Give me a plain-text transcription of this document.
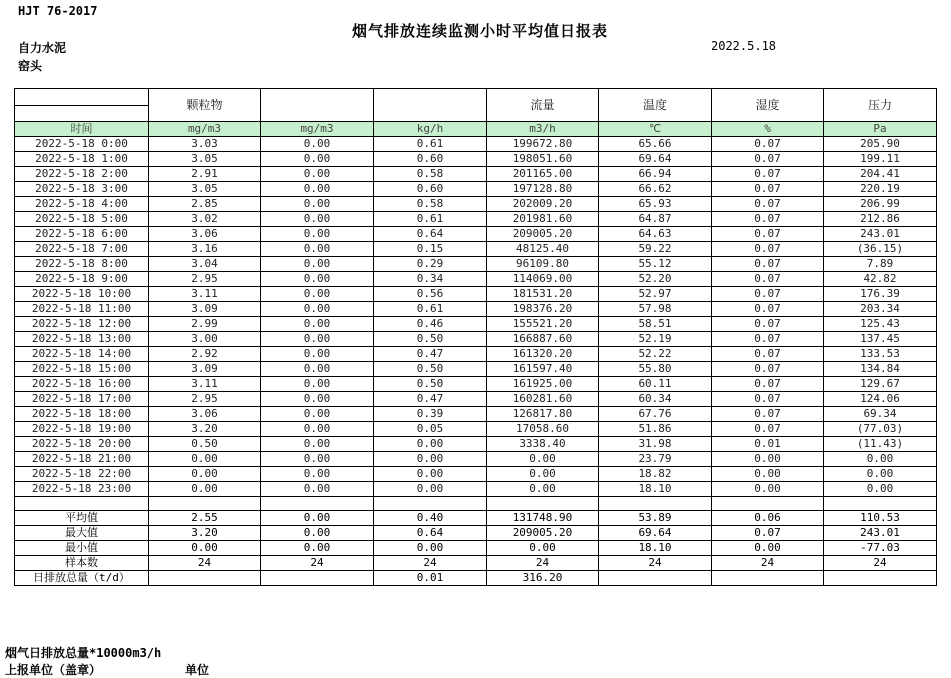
HJT 76-2017
烟气排放连续监测小时平均值日报表
2022.5.18
自力水泥
窑头
	颗粒物			流量	温度	湿度	压力

时间	mg/m3	mg/m3	kg/h	m3/h	℃	%	Pa
2022-5-18 0:00	3.03	0.00	0.61	199672.80	65.66	0.07	205.90
2022-5-18 1:00	3.05	0.00	0.60	198051.60	69.64	0.07	199.11
2022-5-18 2:00	2.91	0.00	0.58	201165.00	66.94	0.07	204.41
2022-5-18 3:00	3.05	0.00	0.60	197128.80	66.62	0.07	220.19
2022-5-18 4:00	2.85	0.00	0.58	202009.20	65.93	0.07	206.99
2022-5-18 5:00	3.02	0.00	0.61	201981.60	64.87	0.07	212.86
2022-5-18 6:00	3.06	0.00	0.64	209005.20	64.63	0.07	243.01
2022-5-18 7:00	3.16	0.00	0.15	48125.40	59.22	0.07	(36.15)
2022-5-18 8:00	3.04	0.00	0.29	96109.80	55.12	0.07	7.89
2022-5-18 9:00	2.95	0.00	0.34	114069.00	52.20	0.07	42.82
2022-5-18 10:00	3.11	0.00	0.56	181531.20	52.97	0.07	176.39
2022-5-18 11:00	3.09	0.00	0.61	198376.20	57.98	0.07	203.34
2022-5-18 12:00	2.99	0.00	0.46	155521.20	58.51	0.07	125.43
2022-5-18 13:00	3.00	0.00	0.50	166887.60	52.19	0.07	137.45
2022-5-18 14:00	2.92	0.00	0.47	161320.20	52.22	0.07	133.53
2022-5-18 15:00	3.09	0.00	0.50	161597.40	55.80	0.07	134.84
2022-5-18 16:00	3.11	0.00	0.50	161925.00	60.11	0.07	129.67
2022-5-18 17:00	2.95	0.00	0.47	160281.60	60.34	0.07	124.06
2022-5-18 18:00	3.06	0.00	0.39	126817.80	67.76	0.07	69.34
2022-5-18 19:00	3.20	0.00	0.05	17058.60	51.86	0.07	(77.03)
2022-5-18 20:00	0.50	0.00	0.00	3338.40	31.98	0.01	(11.43)
2022-5-18 21:00	0.00	0.00	0.00	0.00	23.79	0.00	0.00
2022-5-18 22:00	0.00	0.00	0.00	0.00	18.82	0.00	0.00
2022-5-18 23:00	0.00	0.00	0.00	0.00	18.10	0.00	0.00

平均值	2.55	0.00	0.40	131748.90	53.89	0.06	110.53
最大值	3.20	0.00	0.64	209005.20	69.64	0.07	243.01
最小值	0.00	0.00	0.00	0.00	18.10	0.00	-77.03
样本数	24	24	24	24	24	24	24
日排放总量（t/d）			0.01	316.20			
烟气日排放总量*10000m3/h
上报单位（盖章）	单位
